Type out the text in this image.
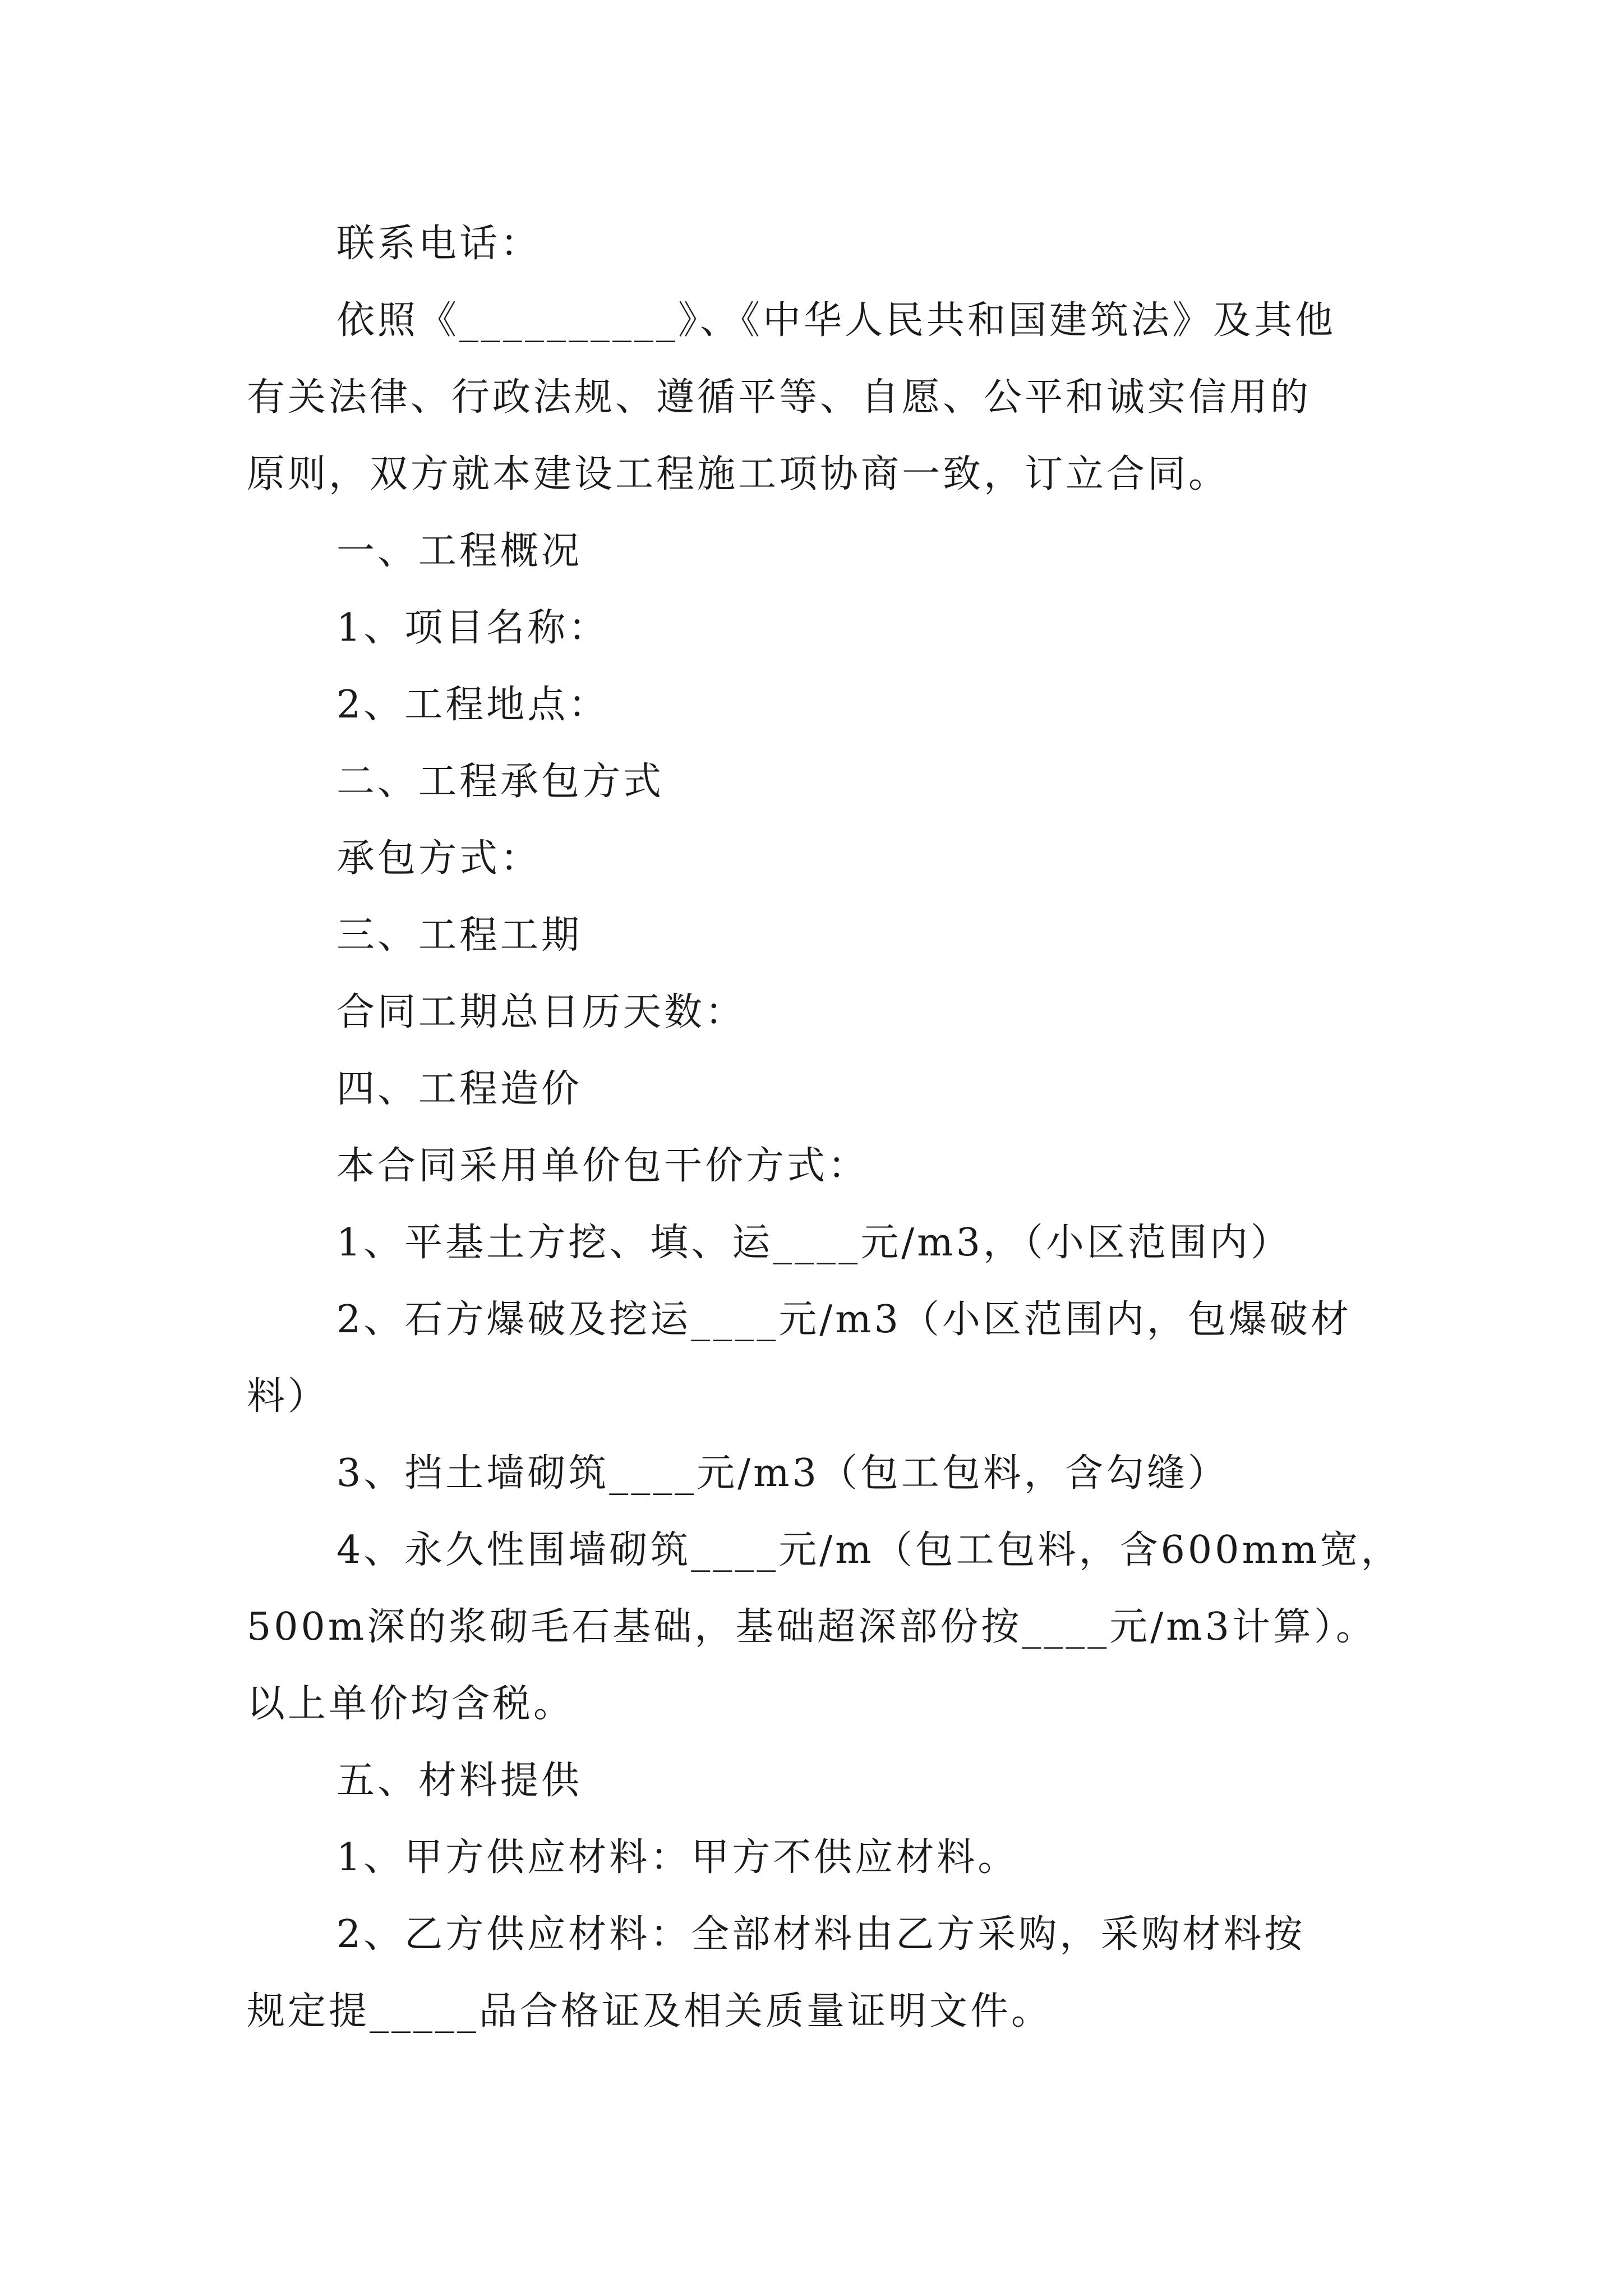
联系电话：
依照《__________》、《中华人民共和国建筑法》及其他
有关法律、行政法规、遵循平等、自愿、公平和诚实信用的
原则，双方就本建设工程施工项协商一致，订立合同。
一、工程概况
1、项目名称：
2、工程地点：
二、工程承包方式
承包方式：
三、工程工期
合同工期总日历天数：
四、工程造价
本合同采用单价包干价方式：
1、平基土方挖、填、运____元/m3，（小区范围内）
2、石方爆破及挖运____元/m3（小区范围内，包爆破材
料）
3、挡土墙砌筑____元/m3（包工包料，含勾缝）
4、永久性围墙砌筑____元/m（包工包料，含600mm宽，
500m深的浆砌毛石基础，基础超深部份按____元/m3计算）。
以上单价均含税。
五、材料提供
1、甲方供应材料：甲方不供应材料。
2、乙方供应材料：全部材料由乙方采购，采购材料按
规定提_____品合格证及相关质量证明文件。
